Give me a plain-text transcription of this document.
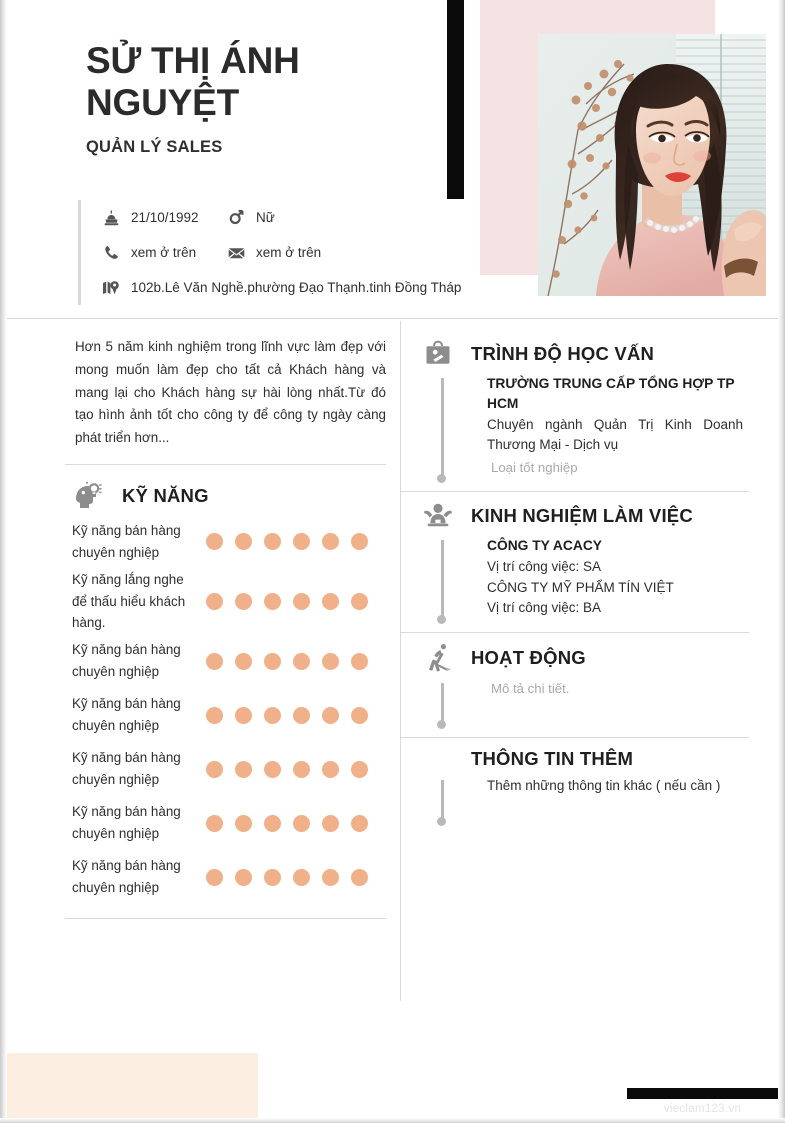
SỬ THỊ ÁNH NGUYỆT
QUẢN LÝ SALES
21/10/1992	Nữ
xem ở trên	xem ở trên
102b.Lê Văn Nghề.phường Đạo Thạnh.tinh Đồng Tháp
Hơn 5 năm kinh nghiệm trong lĩnh vực làm đẹp với mong muốn làm đẹp cho tất cả Khách hàng và mang lại cho Khách hàng sự hài lòng nhất.Từ đó tạo hình ảnh tốt cho công ty để công ty ngày càng phát triển hơn...
KỸ NĂNG
Kỹ năng bán hàng chuyên nghiệp
Kỹ năng lắng nghe để thấu hiểu khách hàng.
Kỹ năng bán hàng chuyên nghiệp
Kỹ năng bán hàng chuyên nghiệp
Kỹ năng bán hàng chuyên nghiệp
Kỹ năng bán hàng chuyên nghiệp
Kỹ năng bán hàng chuyên nghiệp
TRÌNH ĐỘ HỌC VẤN
TRƯỜNG TRUNG CẤP TỔNG HỢP TP HCM
Chuyên ngành Quản Trị Kinh Doanh Thương Mại - Dịch vụ
Loại tốt nghiệp
KINH NGHIỆM LÀM VIỆC
CÔNG TY ACACY
Vị trí công việc: SA
CÔNG TY MỸ PHẨM TÍN VIỆT
Vị trí công việc: BA
HOẠT ĐỘNG
Mô tả chi tiết.
THÔNG TIN THÊM
Thêm những thông tin khác ( nếu cần )
vieclam123.vn
